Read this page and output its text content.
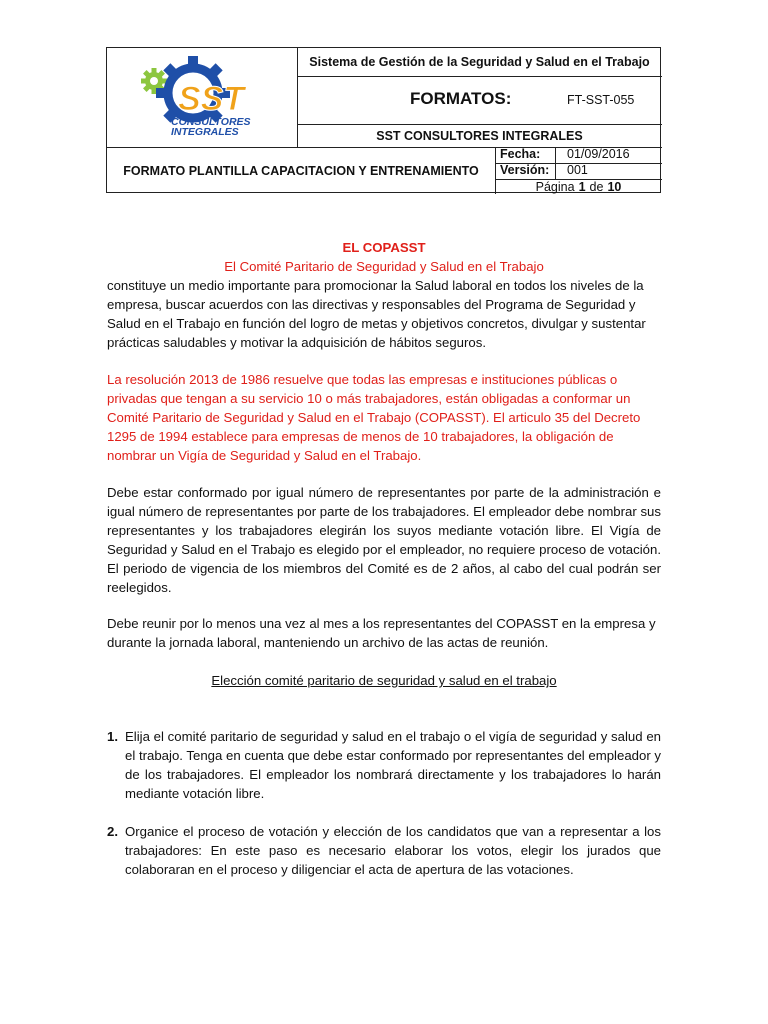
SST
CONSULTORES
INTEGRALES
Sistema de Gestión de la Seguridad y Salud en el Trabajo
FORMATOS:	FT-SST-055
SST CONSULTORES INTEGRALES
FORMATO PLANTILLA CAPACITACION Y ENTRENAMIENTO
Fecha:	01/09/2016
Versión:	001
Página 1 de 10
EL COPASST
El Comité Paritario de Seguridad y Salud en el Trabajo
constituye un medio importante para promocionar la Salud laboral en todos los niveles de la empresa, buscar acuerdos con las directivas y responsables del Programa de Seguridad y Salud en el Trabajo en función del logro de metas y objetivos concretos, divulgar y sustentar prácticas saludables y motivar la adquisición de hábitos seguros.
La resolución 2013 de 1986 resuelve que todas las empresas e instituciones públicas o privadas que tengan a su servicio 10 o más trabajadores, están obligadas a conformar un Comité Paritario de Seguridad y Salud en el Trabajo (COPASST). El articulo 35 del Decreto 1295 de 1994 establece para empresas de menos de 10 trabajadores, la obligación de nombrar un Vigía de Seguridad y Salud en el Trabajo.
Debe estar conformado por igual número de representantes por parte de la administración e igual número de representantes por parte de los trabajadores. El empleador debe nombrar sus representantes y los trabajadores elegirán los suyos mediante votación libre. El Vigía de Seguridad y Salud en el Trabajo es elegido por el empleador, no requiere proceso de votación. El periodo de vigencia de los miembros del Comité es de 2 años, al cabo del cual podrán ser reelegidos.
Debe reunir por lo menos una vez al mes a los representantes del COPASST en la empresa y durante la jornada laboral, manteniendo un archivo de las actas de reunión.
Elección comité paritario de seguridad y salud en el trabajo
1. Elija el comité paritario de seguridad y salud en el trabajo o el vigía de seguridad y salud en el trabajo. Tenga en cuenta que debe estar conformado por representantes del empleador y de los trabajadores. El empleador los nombrará directamente y los trabajadores lo harán mediante votación libre.
2. Organice el proceso de votación y elección de los candidatos que van a representar a los trabajadores: En este paso es necesario elaborar los votos, elegir los jurados que colaboraran en el proceso y diligenciar el acta de apertura de las votaciones.
